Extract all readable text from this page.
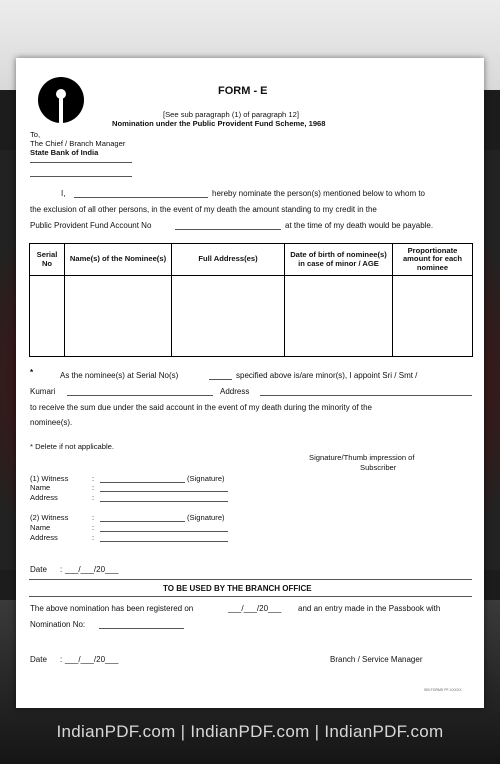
FORM - E
[See sub paragraph (1) of paragraph 12]
Nomination under the Public Provident Fund Scheme, 1968
To,
The Chief / Branch Manager
State Bank of India
I,	hereby nominate the person(s) mentioned below to whom to
the exclusion of all other persons, in the event of my death the amount standing to my credit in the
Public Provident Fund Account No	at the time of my death would be payable.
Serial No	Name(s) of the Nominee(s)	Full Address(es)	Date of birth of nominee(s) in case of minor / AGE	Proportionate amount for each nominee

*	As the nominee(s) at Serial No(s)	specified above is/are minor(s), I appoint Sri / Smt /
Kumari	Address
to receive the sum due under the said account in the event of my death during the minority of the
nominee(s).
* Delete if not applicable.
Signature/Thumb impression of
Subscriber
(1) Witness	:	(Signature)
Name	:
Address	:
(2) Witness	:	(Signature)
Name	:
Address	:
Date : ___/___/20___
TO BE USED BY THE BRANCH OFFICE
The above nomination has been registered on	___/___/20___ and an entry made in the Passbook with
Nomination No:
Date : ___/___/20___	Branch / Service Manager
SBI FORMS PF-XXXXX
IndianPDF.com | IndianPDF.com | IndianPDF.com
